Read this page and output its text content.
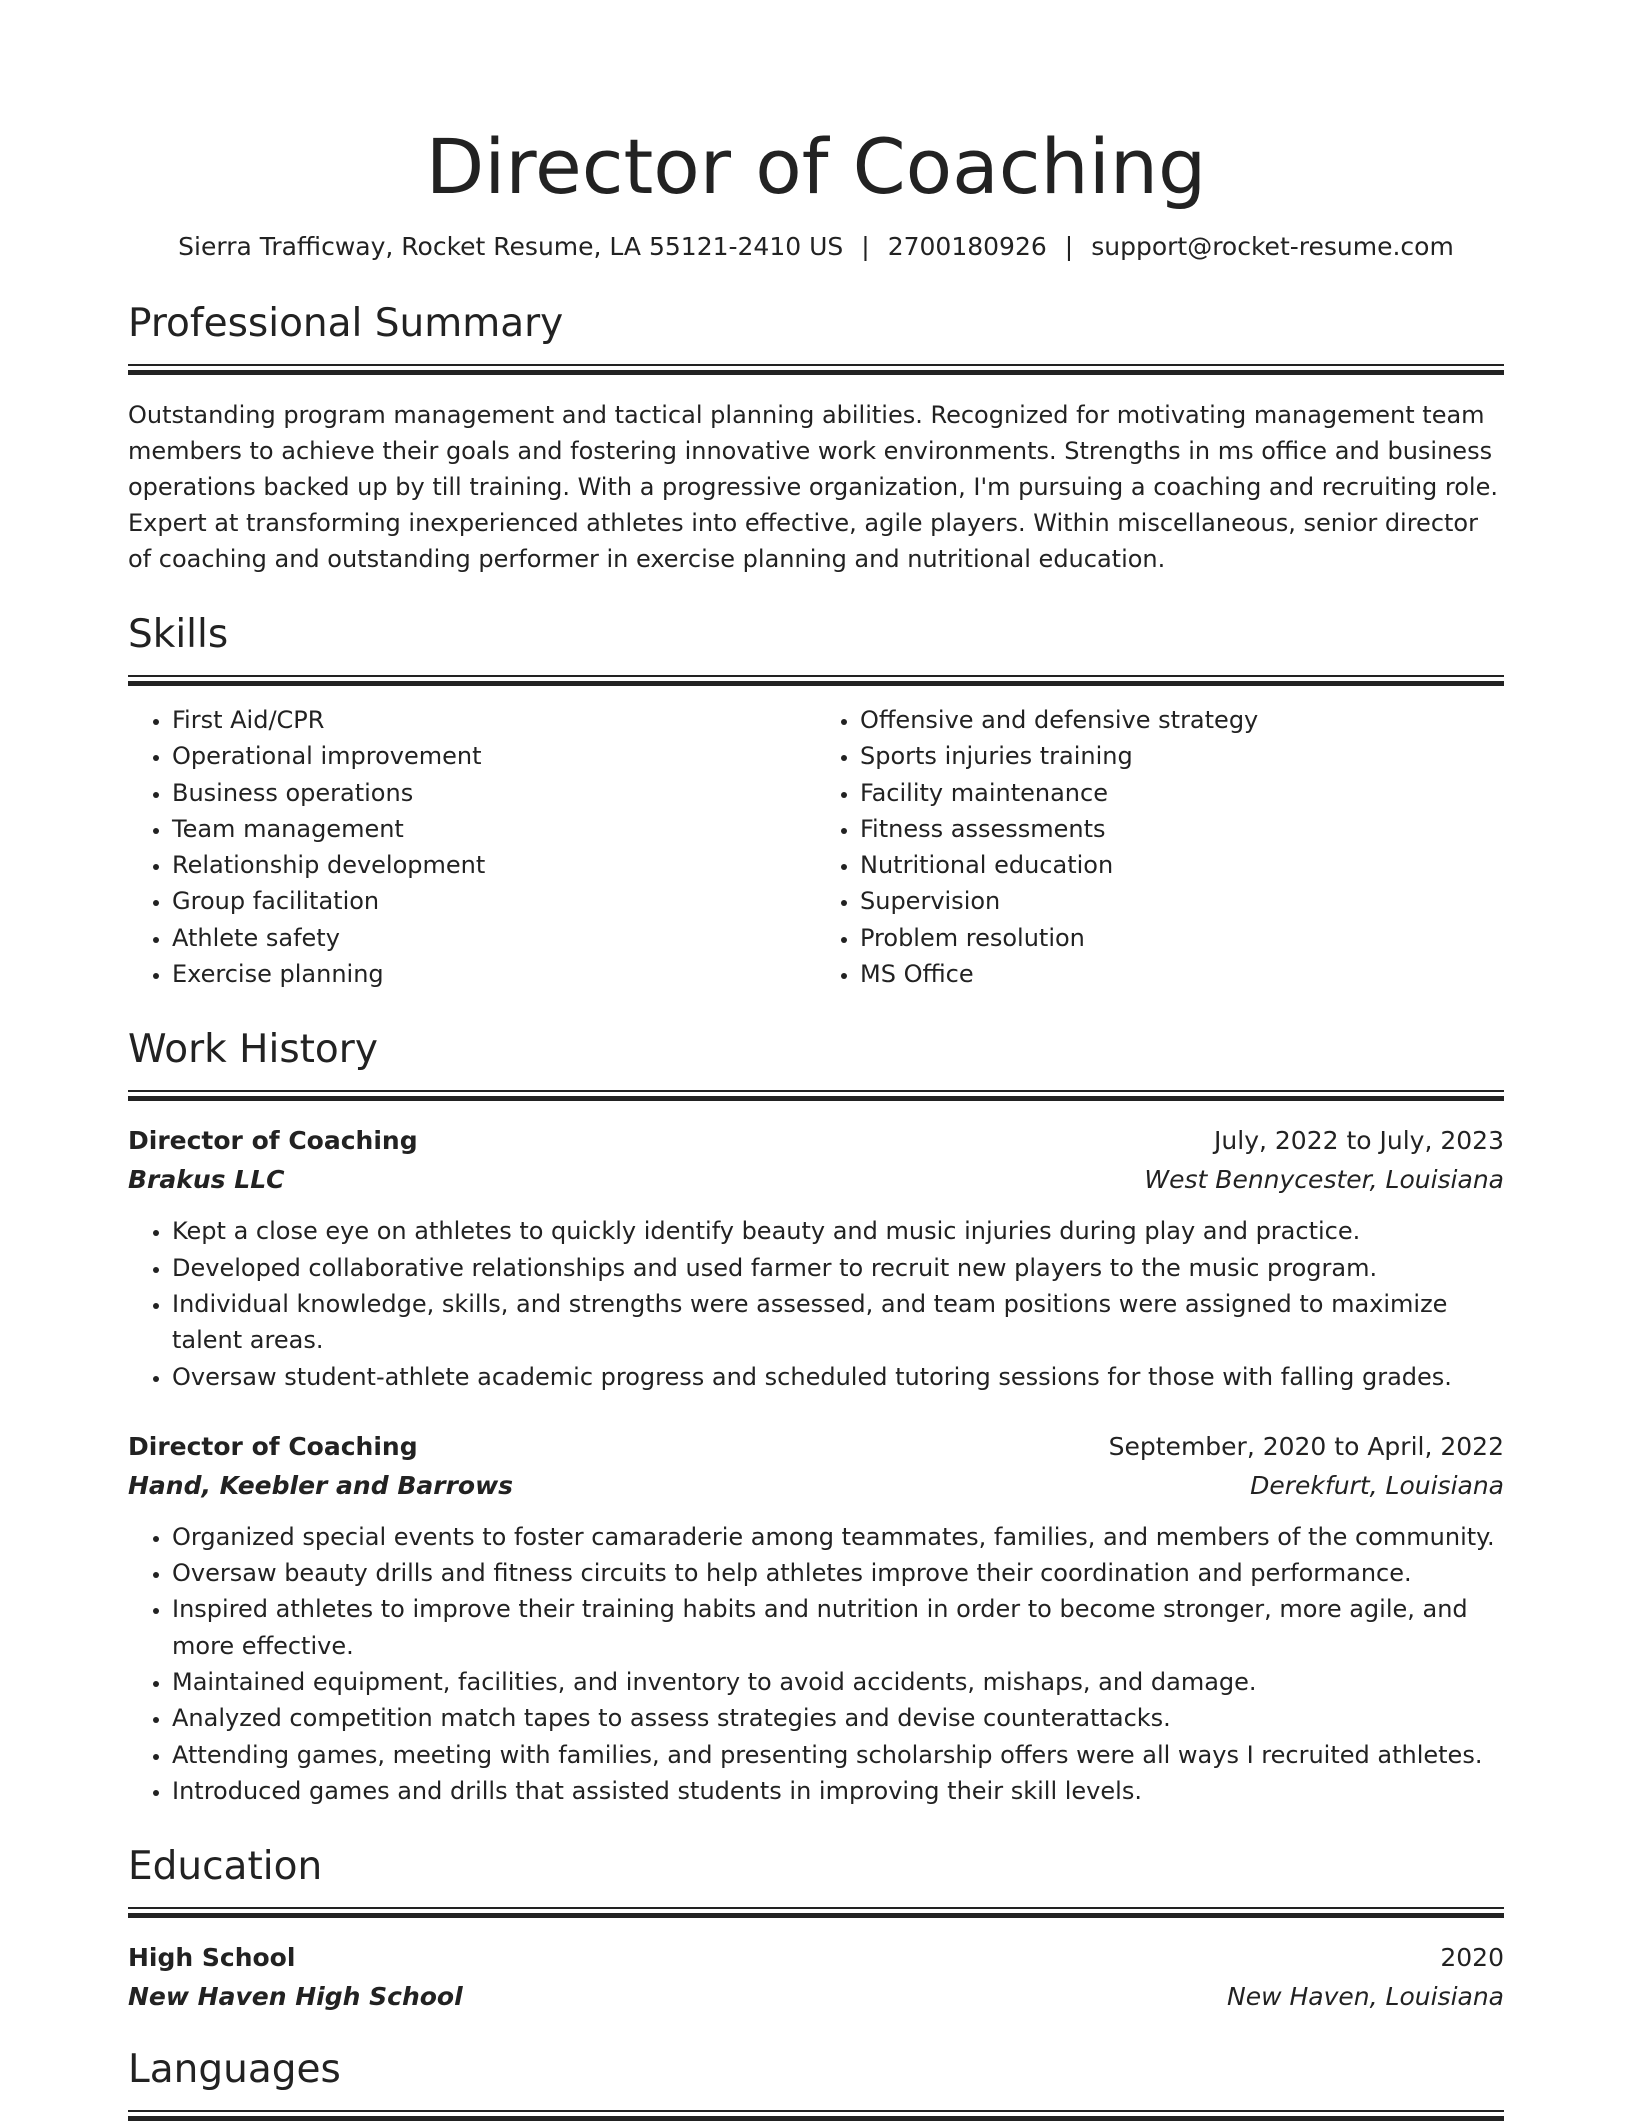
Director of Coaching
Sierra Trafficway, Rocket Resume, LA 55121-2410 US | 2700180926 | support@rocket-resume.com
Professional Summary

Outstanding program management and tactical planning abilities. Recognized for motivating management team members to achieve their goals and fostering innovative work environments. Strengths in ms office and business operations backed up by till training. With a progressive organization, I'm pursuing a coaching and recruiting role. Expert at transforming inexperienced athletes into effective, agile players. Within miscellaneous, senior director of coaching and outstanding performer in exercise planning and nutritional education.

Skills
• First Aid/CPR
• Operational improvement
• Business operations
• Team management
• Relationship development
• Group facilitation
• Athlete safety
• Exercise planning
• Offensive and defensive strategy
• Sports injuries training
• Facility maintenance
• Fitness assessments
• Nutritional education
• Supervision
• Problem resolution
• MS Office
Work History
Director of Coaching	July, 2022 to July, 2023
Brakus LLC	West Bennycester, Louisiana
• Kept a close eye on athletes to quickly identify beauty and music injuries during play and practice.
• Developed collaborative relationships and used farmer to recruit new players to the music program.
• Individual knowledge, skills, and strengths were assessed, and team positions were assigned to maximize talent areas.
• Oversaw student-athlete academic progress and scheduled tutoring sessions for those with falling grades.
Director of Coaching	September, 2020 to April, 2022
Hand, Keebler and Barrows	Derekfurt, Louisiana
• Organized special events to foster camaraderie among teammates, families, and members of the community.
• Oversaw beauty drills and fitness circuits to help athletes improve their coordination and performance.
• Inspired athletes to improve their training habits and nutrition in order to become stronger, more agile, and more effective.
• Maintained equipment, facilities, and inventory to avoid accidents, mishaps, and damage.
• Analyzed competition match tapes to assess strategies and devise counterattacks.
• Attending games, meeting with families, and presenting scholarship offers were all ways I recruited athletes.
• Introduced games and drills that assisted students in improving their skill levels.
Education
High School	2020
New Haven High School	New Haven, Louisiana
Languages
